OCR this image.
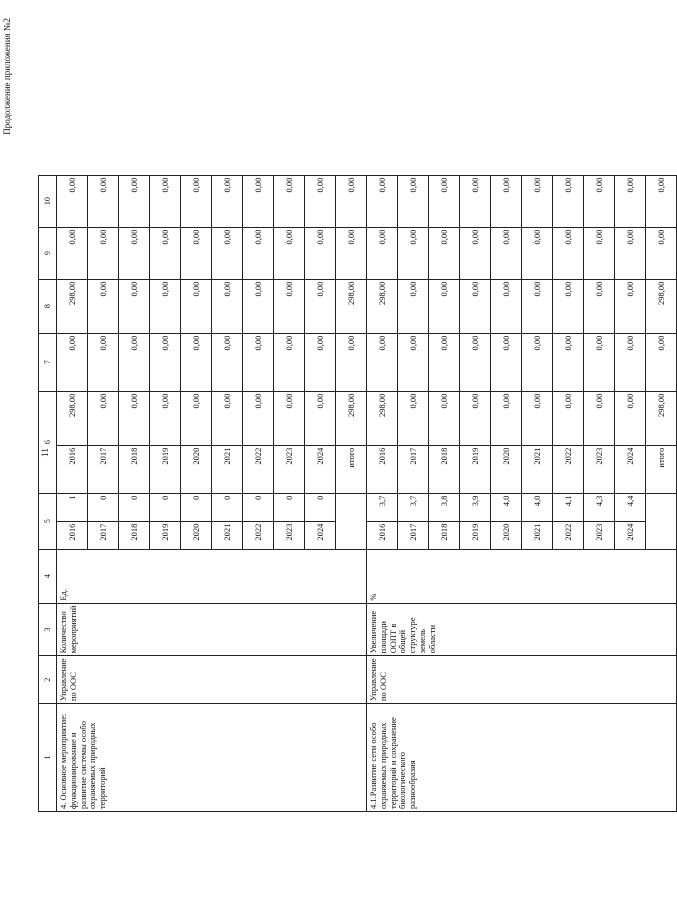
11
Продолжение приложения №2
1	2	3	4	5		6		7	8	9	10
4. Основное мероприятие: функционирование и развитие системы особо охраняемых природных территорий	Управление по ООС	Количество мероприятий	Ед.	2016	1	2016	298,00	0,00	298,00	0,00	0,00
				2017	0	2017	0,00	0,00	0,00	0,00	0,00
				2018	0	2018	0,00	0,00	0,00	0,00	0,00
				2019	0	2019	0,00	0,00	0,00	0,00	0,00
				2020	0	2020	0,00	0,00	0,00	0,00	0,00
				2021	0	2021	0,00	0,00	0,00	0,00	0,00
				2022	0	2022	0,00	0,00	0,00	0,00	0,00
				2023	0	2023	0,00	0,00	0,00	0,00	0,00
				2024	0	2024	0,00	0,00	0,00	0,00	0,00
						итого	298,00	0,00	298,00	0,00	0,00
4.1.Развитие сети особо охраняемых природных территорий и сохранение биологического разнообразия	Управление по ООС	Увеличение площади ООПТ в общей структуре земель области	%	2016	3,7	2016	298,00	0,00	298,00	0,00	0,00
				2017	3,7	2017	0,00	0,00	0,00	0,00	0,00
				2018	3,8	2018	0,00	0,00	0,00	0,00	0,00
				2019	3,9	2019	0,00	0,00	0,00	0,00	0,00
				2020	4,0	2020	0,00	0,00	0,00	0,00	0,00
				2021	4,0	2021	0,00	0,00	0,00	0,00	0,00
				2022	4,1	2022	0,00	0,00	0,00	0,00	0,00
				2023	4,3	2023	0,00	0,00	0,00	0,00	0,00
				2024	4,4	2024	0,00	0,00	0,00	0,00	0,00
						итого	298,00	0,00	298,00	0,00	0,00
